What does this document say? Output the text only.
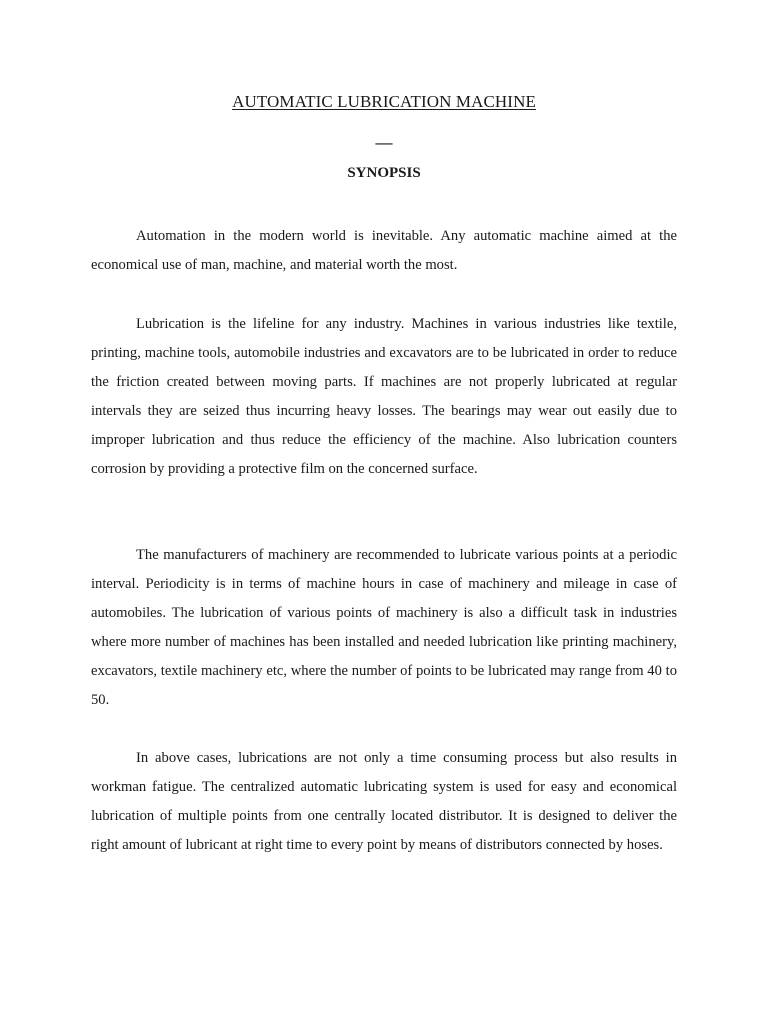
AUTOMATIC LUBRICATION MACHINE
—
SYNOPSIS

Automation in the modern world is inevitable. Any automatic machine aimed at the economical use of man, machine, and material worth the most.

Lubrication is the lifeline for any industry. Machines in various industries like textile, printing, machine tools, automobile industries and excavators are to be lubricated in order to reduce the friction created between moving parts. If machines are not properly lubricated at regular intervals they are seized thus incurring heavy losses. The bearings may wear out easily due to improper lubrication and thus reduce the efficiency of the machine. Also lubrication counters corrosion by providing a protective film on the concerned surface.

The manufacturers of machinery are recommended to lubricate various points at a periodic interval. Periodicity is in terms of machine hours in case of machinery and mileage in case of automobiles. The lubrication of various points of machinery is also a difficult task in industries where more number of machines has been installed and needed lubrication like printing machinery, excavators, textile machinery etc, where the number of points to be lubricated may range from 40 to 50.

In above cases, lubrications are not only a time consuming process but also results in workman fatigue. The centralized automatic lubricating system is used for easy and economical lubrication of multiple points from one centrally located distributor. It is designed to deliver the right amount of lubricant at right time to every point by means of distributors connected by hoses.
